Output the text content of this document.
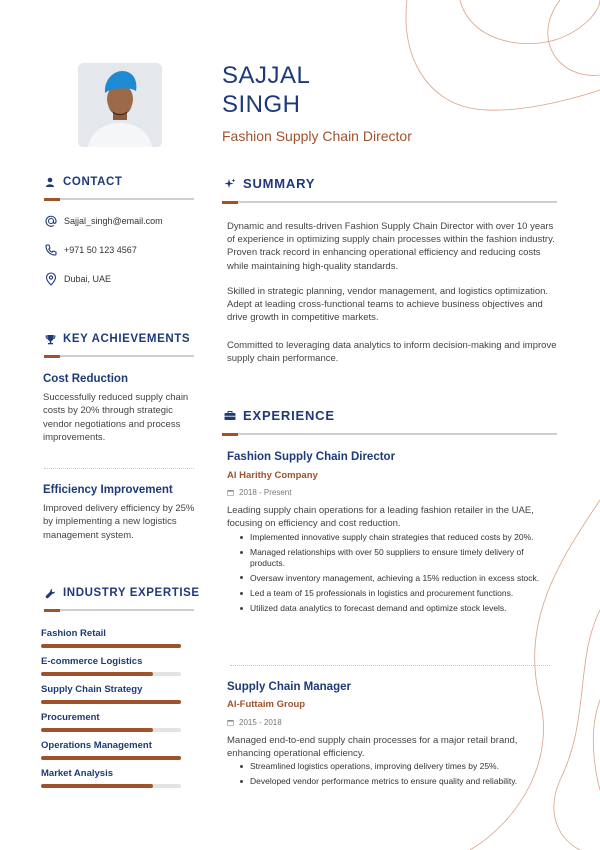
SAJJAL
SINGH
Fashion Supply Chain Director
CONTACT
Sajjal_singh@email.com
+971 50 123 4567
Dubai, UAE
KEY ACHIEVEMENTS
Cost Reduction
Successfully reduced supply chain costs by 20% through strategic vendor negotiations and process improvements.
Efficiency Improvement
Improved delivery efficiency by 25% by implementing a new logistics management system.
INDUSTRY EXPERTISE
Fashion Retail
E-commerce Logistics
Supply Chain Strategy
Procurement
Operations Management
Market Analysis
SUMMARY
Dynamic and results-driven Fashion Supply Chain Director with over 10 years of experience in optimizing supply chain processes within the fashion industry. Proven track record in enhancing operational efficiency and reducing costs while maintaining high-quality standards.
Skilled in strategic planning, vendor management, and logistics optimization. Adept at leading cross-functional teams to achieve business objectives and drive growth in competitive markets.
Committed to leveraging data analytics to inform decision-making and improve supply chain performance.
EXPERIENCE
Fashion Supply Chain Director
Al Harithy Company
2018 - Present
Leading supply chain operations for a leading fashion retailer in the UAE, focusing on efficiency and cost reduction.
Implemented innovative supply chain strategies that reduced costs by 20%.
Managed relationships with over 50 suppliers to ensure timely delivery of products.
Oversaw inventory management, achieving a 15% reduction in excess stock.
Led a team of 15 professionals in logistics and procurement functions.
Utilized data analytics to forecast demand and optimize stock levels.
Supply Chain Manager
Al-Futtaim Group
2015 - 2018
Managed end-to-end supply chain processes for a major retail brand, enhancing operational efficiency.
Streamlined logistics operations, improving delivery times by 25%.
Developed vendor performance metrics to ensure quality and reliability.
